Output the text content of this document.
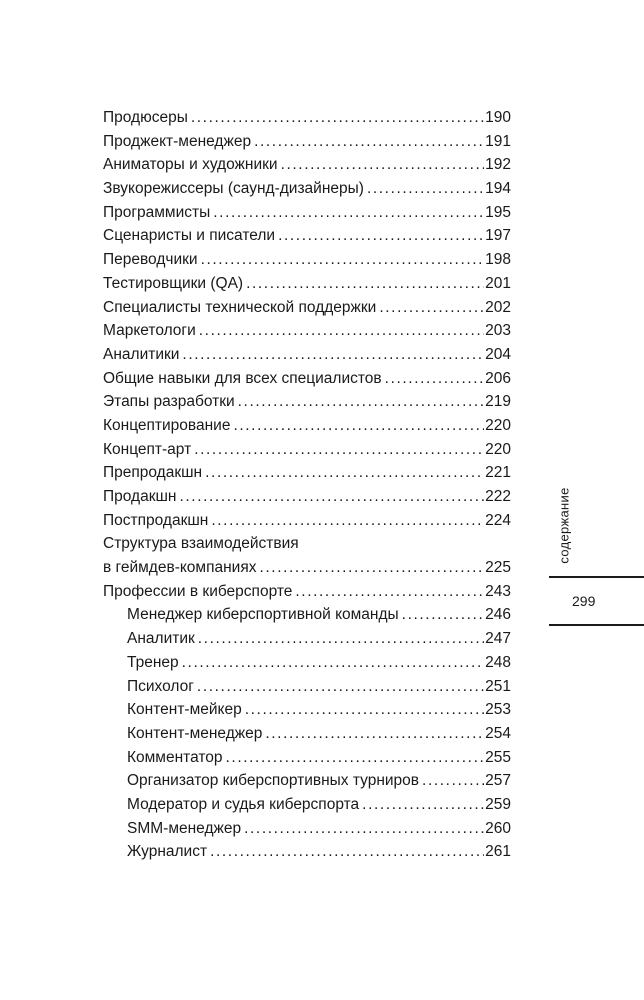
Продюсеры .....	190
Проджект-менеджер .....	191
Аниматоры и художники .....	192
Звукорежиссеры (саунд-дизайнеры) .....	194
Программисты .....	195
Сценаристы и писатели .....	197
Переводчики .....	198
Тестировщики (QA) .....	201
Специалисты технической поддержки .....	202
Маркетологи .....	203
Аналитики .....	204
Общие навыки для всех специалистов .....	206
Этапы разработки .....	219
Концептирование .....	220
Концепт-арт .....	220
Препродакшн .....	221
Продакшн .....	222
Постпродакшн .....	224
Структура взаимодействия
в геймдев-компаниях .....	225
Профессии в киберспорте .....	243
Менеджер киберспортивной команды .....	246
Аналитик .....	247
Тренер .....	248
Психолог .....	251
Контент-мейкер .....	253
Контент-менеджер .....	254
Комментатор .....	255
Организатор киберспортивных турниров .....	257
Модератор и судья киберспорта .....	259
SMM-менеджер .....	260
Журналист .....	261
содержание
299
